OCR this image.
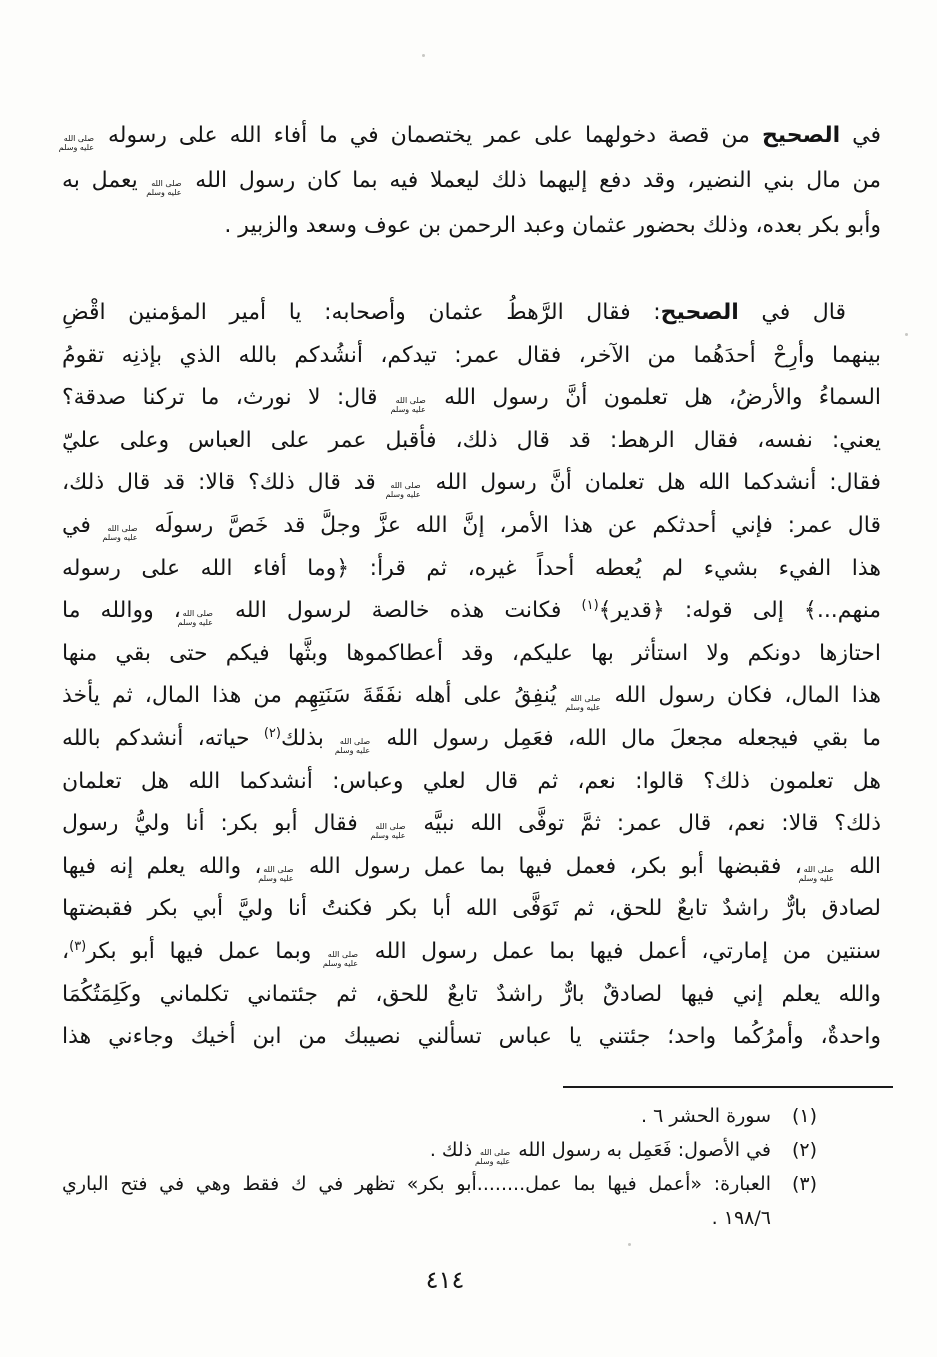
في الصحيح من قصة دخولهما على عمر يختصمان في ما أفاء الله على رسوله
صلى الله
عليه وسلم
من مال بني النضير، وقد دفع إليهما ذلك ليعملا فيه بما كان رسول الله
صلى الله
عليه وسلم
يعمل به
وأبو بكر بعده، وذلك بحضور عثمان وعبد الرحمن بن عوف وسعد والزبير .
قال في الصحيح: فقال الرَّهطُ عثمان وأصحابه: يا أمير المؤمنين اقْضِ
بينهما وأرِحْ أحدَهُما من الآخر، فقال عمر: تيدكم، أنشُدكم بالله الذي بإذنِه تقومُ
السماءُ والأرضُ، هل تعلمون أنَّ رسول الله
صلى الله
عليه وسلم
قال: لا نورث، ما تركنا صدقة؟
يعني: نفسه، فقال الرهط: قد قال ذلك، فأقبل عمر على العباس وعلى عليّ
فقال: أنشدكما الله هل تعلمان أنَّ رسول الله
صلى الله
عليه وسلم
قد قال ذلك؟ قالا: قد قال ذلك،
قال عمر: فإني أحدثكم عن هذا الأمر، إنَّ الله عزَّ وجلَّ قد خَصَّ رسولَه
صلى الله
عليه وسلم
في
هذا الفيء بشيء لم يُعطه أحداً غيره، ثم قرأ: ﴿وما أفاء الله على رسوله
منهم...﴾ إلى قوله: ﴿قدير﴾$^{(١)}$ فكانت هذه خالصة لرسول الله
صلى الله
عليه وسلم
، ووالله ما
احتازها دونكم ولا استأثر بها عليكم، وقد أعطاكموها وبثَّها فيكم حتى بقي منها
هذا المال، فكان رسول الله
صلى الله
عليه وسلم
يُنفِقُ على أهله نفَقَةَ سَنَتِهِم من هذا المال، ثم يأخذ
ما بقي فيجعله مجعلَ مال الله، فعَمِل رسول الله
صلى الله
عليه وسلم
بذلك$^{(٢)}$ حياته، أنشدكم بالله
هل تعلمون ذلك؟ قالوا: نعم، ثم قال لعلي وعباس: أنشدكما الله هل تعلمان
ذلك؟ قالا: نعم، قال عمر: ثمَّ توفَّى الله نبيَّه
صلى الله
عليه وسلم
فقال أبو بكر: أنا وليُّ رسول
الله
صلى الله
عليه وسلم
، فقبضها أبو بكر، فعمل فيها بما عمل رسول الله
صلى الله
عليه وسلم
، والله يعلم إنه فيها
لصادق بارٌّ راشدٌ تابعٌ للحق، ثم تَوَفَّى الله أبا بكر فكنتُ أنا وليَّ أبي بكر فقبضتها
سنتين من إمارتي، أعمل فيها بما عمل رسول الله
صلى الله
عليه وسلم
وبما عمل فيها أبو بكر$^{(٣)}$،
والله يعلم إني فيها لصادقٌ بارٌّ راشدٌ تابعٌ للحق، ثم جئتماني تكلماني وكَلِمَتُكُمَا
واحدةٌ، وأمرُكُما واحد؛ جئتني يا عباس تسألني نصيبك من ابن أخيك وجاءني هذا
(١)
سورة الحشر ٦ .
(٢)
في الأصول: فَعَمِل به رسول الله
صلى الله
عليه وسلم
ذلك .
(٣)
العبارة: «أعمل فيها بما عمل........أبو بكر» تظهر في ك فقط وهي في فتح الباري
١٩٨/٦ .
٤١٤
